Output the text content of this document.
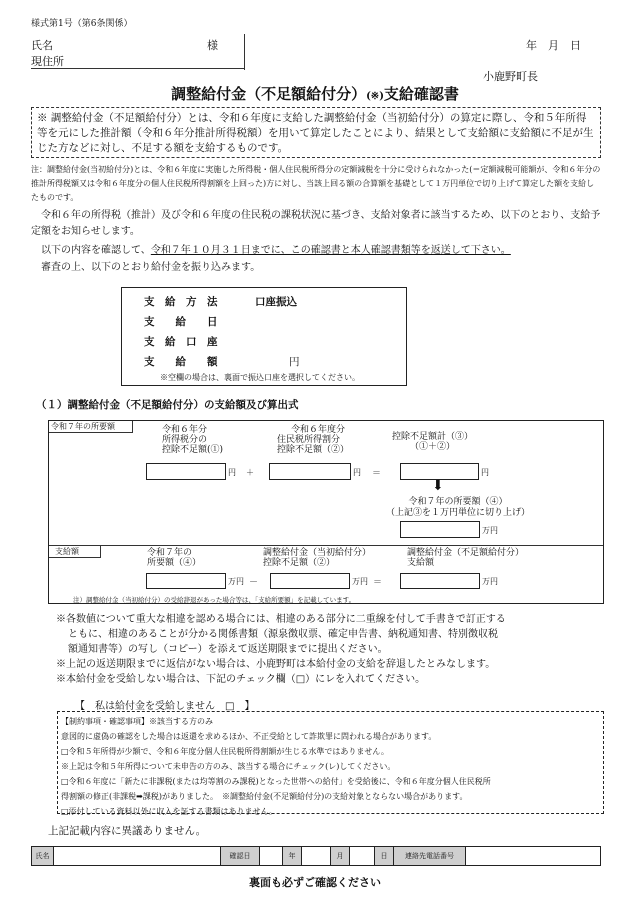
様式第1号（第6条関係）
氏名	様
現住所
年　月　日
小鹿野町長
調整給付金（不足額給付分）(※)支給確認書
※ 調整給付金（不足額給付分）とは、令和６年度に支給した調整給付金（当初給付分）の算定に際し、令和５年所得等を元にした推計額（令和６年分推計所得税額）を用いて算定したことにより、結果として支給額に支給額に不足が生じた方などに対し、不足する額を支給するものです。
注：調整給付金(当初給付分)とは、令和６年度に実施した所得税・個人住民税所得分の定額減税を十分に受けられなかった(＝定額減税可能額が、令和６年分の推計所得税額又は令和６年度分の個人住民税所得割額を上回った)方に対し、当該上回る額の合算額を基礎として１万円単位で切り上げて算定した額を支給したものです。
令和６年の所得税（推計）及び令和６年度の住民税の課税状況に基づき、支給対象者に該当するため、以下のとおり、支給予定額をお知らせします。
以下の内容を確認して、令和７年１０月３１日までに、この確認書と本人確認書類等を返送して下さい。
審査の上、以下のとおり給付金を振り込みます。
支　給　方　法	口座振込
支　　給　　日
支　給　口　座
支　　給　　額	円
※空欄の場合は、裏面で振込口座を選択してください。
（１）調整給付金（不足額給付分）の支給額及び算出式
令和７年の所要額	令和６年分
所得税分の
控除不足額(①)
令和６年度分
住民税所得割分
控除不足額（②）
控除不足額計（③）
（①＋②）
円 ＋	円 ＝	円
⬇
令和７年の所要額（④）
（上記③を１万円単位に切り上げ）
万円
支給額	令和７年の
所要額（④）
調整給付金（当初給付分）
控除不足額（②）
調整給付金（不足額給付分）
支給額
万円 －	万円 ＝	万円
注）調整給付金（当初給付分）の受給辞退があった場合等は、「支給所要額」を記載しています。
※各数値について重大な相違を認める場合には、相違のある部分に二重線を付して手書きで訂正する
ともに、相違のあることが分かる関係書類（源泉徴収票、確定申告書、納税通知書、特別徴収税
額通知書等）の写し（コピー）を添えて返送期限までに提出ください。
※上記の返送期限までに返信がない場合は、小鹿野町は本給付金の支給を辞退したとみなします。
※本給付金を受給しない場合は、下記のチェック欄（□）にレを入れてください。
【　私は給付金を受給しません　□　】
【制約事項・確認事項】※該当する方のみ
意図的に虚偽の確認をした場合は返還を求めるほか、不正受給として詐欺罪に問われる場合があります。
□令和５年所得が少額で、令和６年度分個人住民税所得割額が生じる水準ではありません。
※上記は令和５年所得について未申告の方のみ、該当する場合にチェック(レ)してください。
□令和６年度に「新たに非課税(または均等割のみ課税)となった世帯への給付」を受給後に、令和６年度分個人住民税所
得割額の修正(非課税➡課税)がありました。　※調整給付金(不足額給付分)の支給対象とならない場合があります。
□添付している資料以外に収入を証する書類はありません。
上記記載内容に異議ありません。
氏名	確認日	年	月	日	連絡先電話番号
裏面も必ずご確認ください
